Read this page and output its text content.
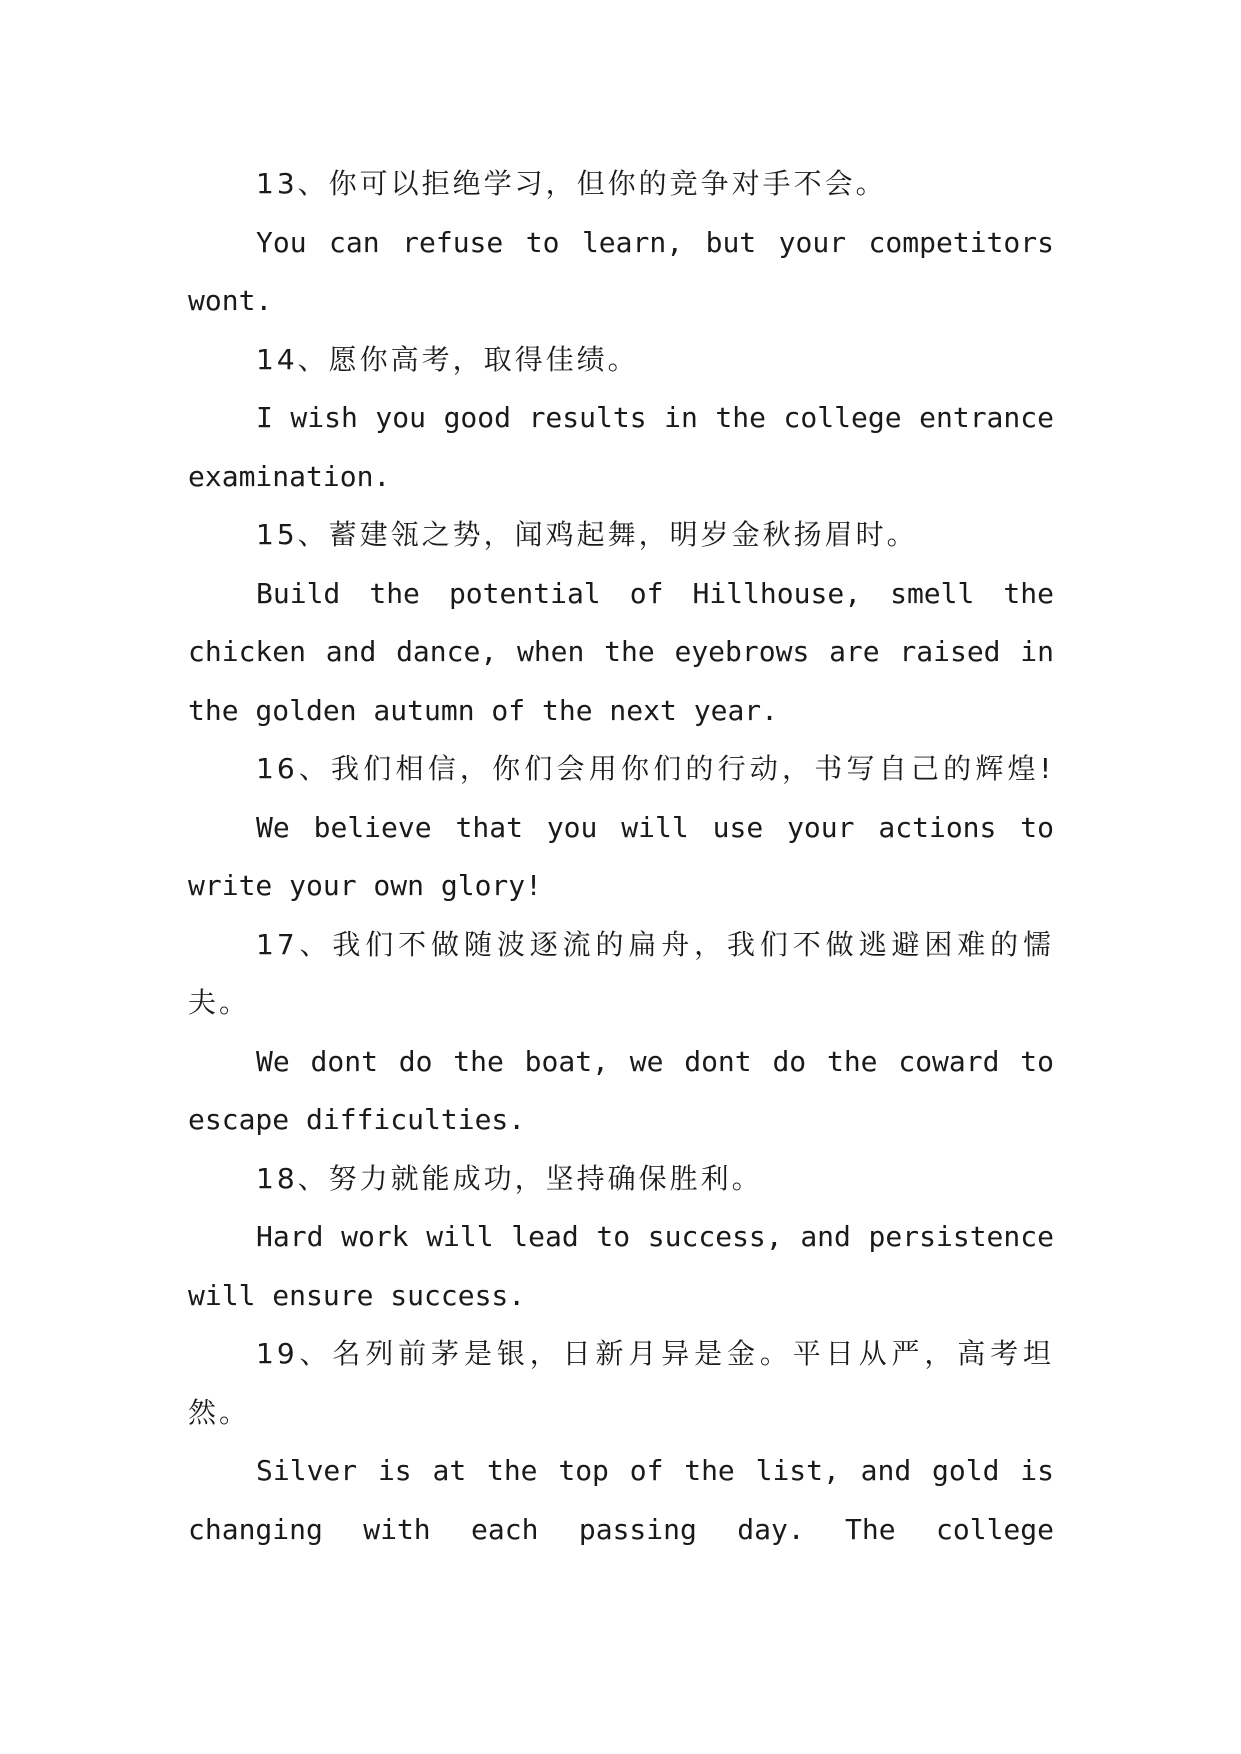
13、你可以拒绝学习，但你的竞争对手不会。
You can refuse to learn, but your competitors
wont.
14、愿你高考，取得佳绩。
I wish you good results in the college entrance
examination.
15、蓄建瓴之势，闻鸡起舞，明岁金秋扬眉时。
Build the potential of Hillhouse, smell the
chicken and dance, when the eyebrows are raised in
the golden autumn of the next year.
16、我们相信，你们会用你们的行动，书写自己的辉煌!
We believe that you will use your actions to
write your own glory!
17、我们不做随波逐流的扁舟，我们不做逃避困难的懦
夫。
We dont do the boat, we dont do the coward to
escape difficulties.
18、努力就能成功，坚持确保胜利。
Hard work will lead to success, and persistence
will ensure success.
19、名列前茅是银，日新月异是金。平日从严，高考坦
然。
Silver is at the top of the list, and gold is
changing with each passing day. The college
